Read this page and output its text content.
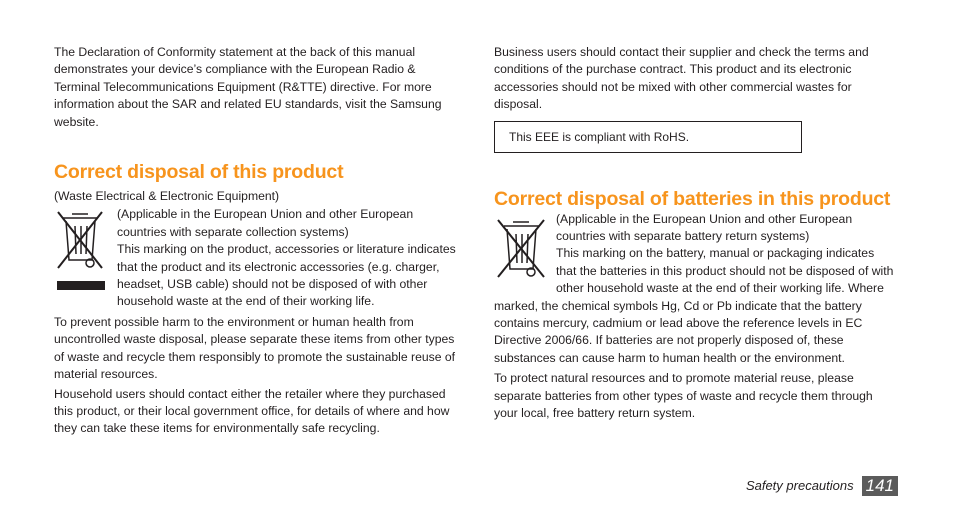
The Declaration of Conformity statement at the back of this manual demonstrates your device’s compliance with the European Radio & Terminal Telecommunications Equipment (R&TTE) directive. For more information about the SAR and related EU standards, visit the Samsung website.

Correct disposal of this product

(Waste Electrical & Electronic Equipment)

(Applicable in the European Union and other European countries with separate collection systems)

This marking on the product, accessories or literature indicates that the product and its electronic accessories (e.g. charger, headset, USB cable) should not be disposed of with other household waste at the end of their working life.

To prevent possible harm to the environment or human health from uncontrolled waste disposal, please separate these items from other types of waste and recycle them responsibly to promote the sustainable reuse of material resources.

Household users should contact either the retailer where they purchased this product, or their local government office, for details of where and how they can take these items for environmentally safe recycling.

Business users should contact their supplier and check the terms and conditions of the purchase contract. This product and its electronic accessories should not be mixed with other commercial wastes for disposal.

This EEE is compliant with RoHS.
Correct disposal of batteries in this product

(Applicable in the European Union and other European countries with separate battery return systems)

This marking on the battery, manual or packaging indicates that the batteries in this product should not be disposed of with other household waste at the end of their working life. Where marked, the chemical symbols Hg, Cd or Pb indicate that the battery contains mercury, cadmium or lead above the reference levels in EC Directive 2006/66. If batteries are not properly disposed of, these substances can cause harm to human health or the environment.

To protect natural resources and to promote material reuse, please separate batteries from other types of waste and recycle them through your local, free battery return system.

Safety precautions 141
